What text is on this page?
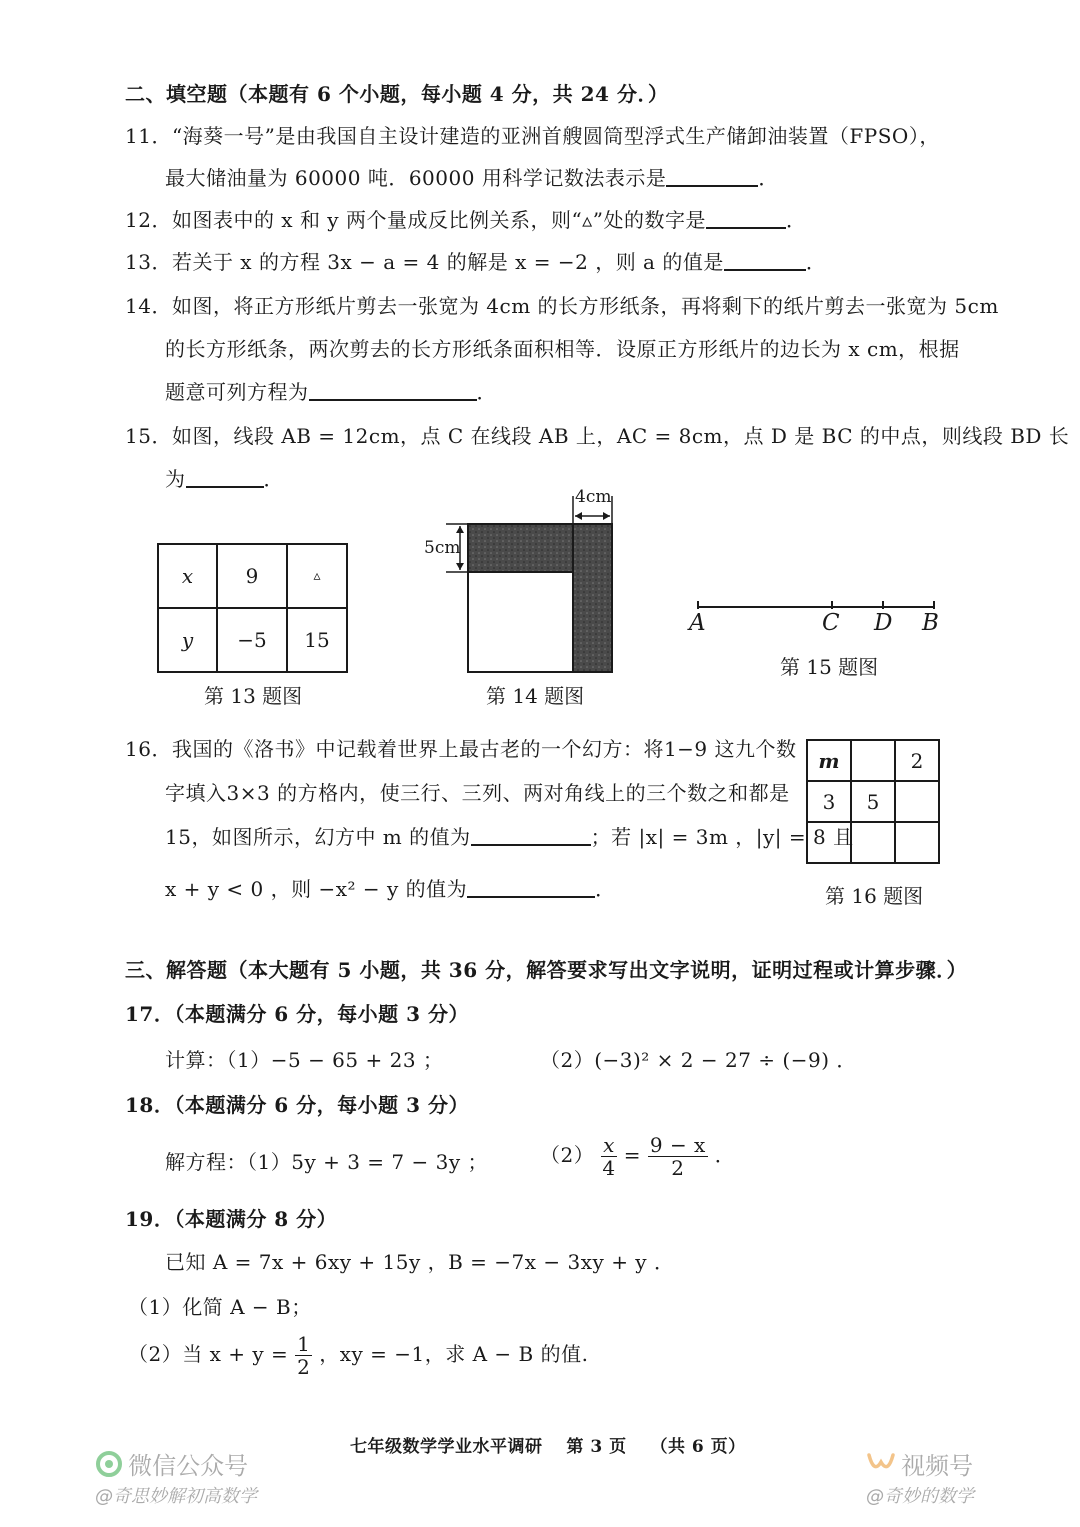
二、填空题（本题有 6 个小题，每小题 4 分，共 24 分．）
11．“海葵一号”是由我国自主设计建造的亚洲首艘圆筒型浮式生产储卸油装置（FPSO），
最大储油量为 60000 吨．60000 用科学记数法表示是	．
12．如图表中的 x 和 y 两个量成反比例关系，则“▵”处的数字是	．
13．若关于 x 的方程 3x − a = 4 的解是 x = −2 ，则 a 的值是	．
14．如图，将正方形纸片剪去一张宽为 4cm 的长方形纸条，再将剩下的纸片剪去一张宽为 5cm
的长方形纸条，两次剪去的长方形纸条面积相等．设原正方形纸片的边长为 x cm，根据
题意可列方程为	．
15．如图，线段 AB = 12cm，点 C 在线段 AB 上，AC = 8cm，点 D 是 BC 的中点，则线段 BD 长
为	．
x	9	▵
y	−5	15
第 13 题图
4cm
5cm
第 14 题图
A	C D B
第 15 题图
16．我国的《洛书》中记载着世界上最古老的一个幻方：将1−9 这九个数
字填入3×3 的方格内，使三行、三列、两对角线上的三个数之和都是
15，如图所示，幻方中 m 的值为	；若 |x| = 3m ，|y| = 8 且
x + y < 0 ，则 −x² − y 的值为	．
m		2
3	5	

第 16 题图
三、解答题（本大题有 5 小题，共 36 分，解答要求写出文字说明，证明过程或计算步骤．）
17．（本题满分 6 分，每小题 3 分）
计算：（1）−5 − 65 + 23 ；	（2）(−3)² × 2 − 27 ÷ (−9) ．
18．（本题满分 6 分，每小题 3 分）
解方程：（1）5y + 3 = 7 − 3y ；	$(2) \frac{x}{4} = \frac{9 - x}{2}$ ．
19．（本题满分 8 分）
已知 A = 7x + 6xy + 15y ，B = −7x − 3xy + y ．
（1）化简 A − B；
（2）当 $x + y = \frac{1}{2}$ ，xy = −1，求 A − B 的值.
七年级数学学业水平调研　 第 3 页　 （共 6 页）
微信公众号
@奇思妙解初高数学
视频号
@奇妙的数学
